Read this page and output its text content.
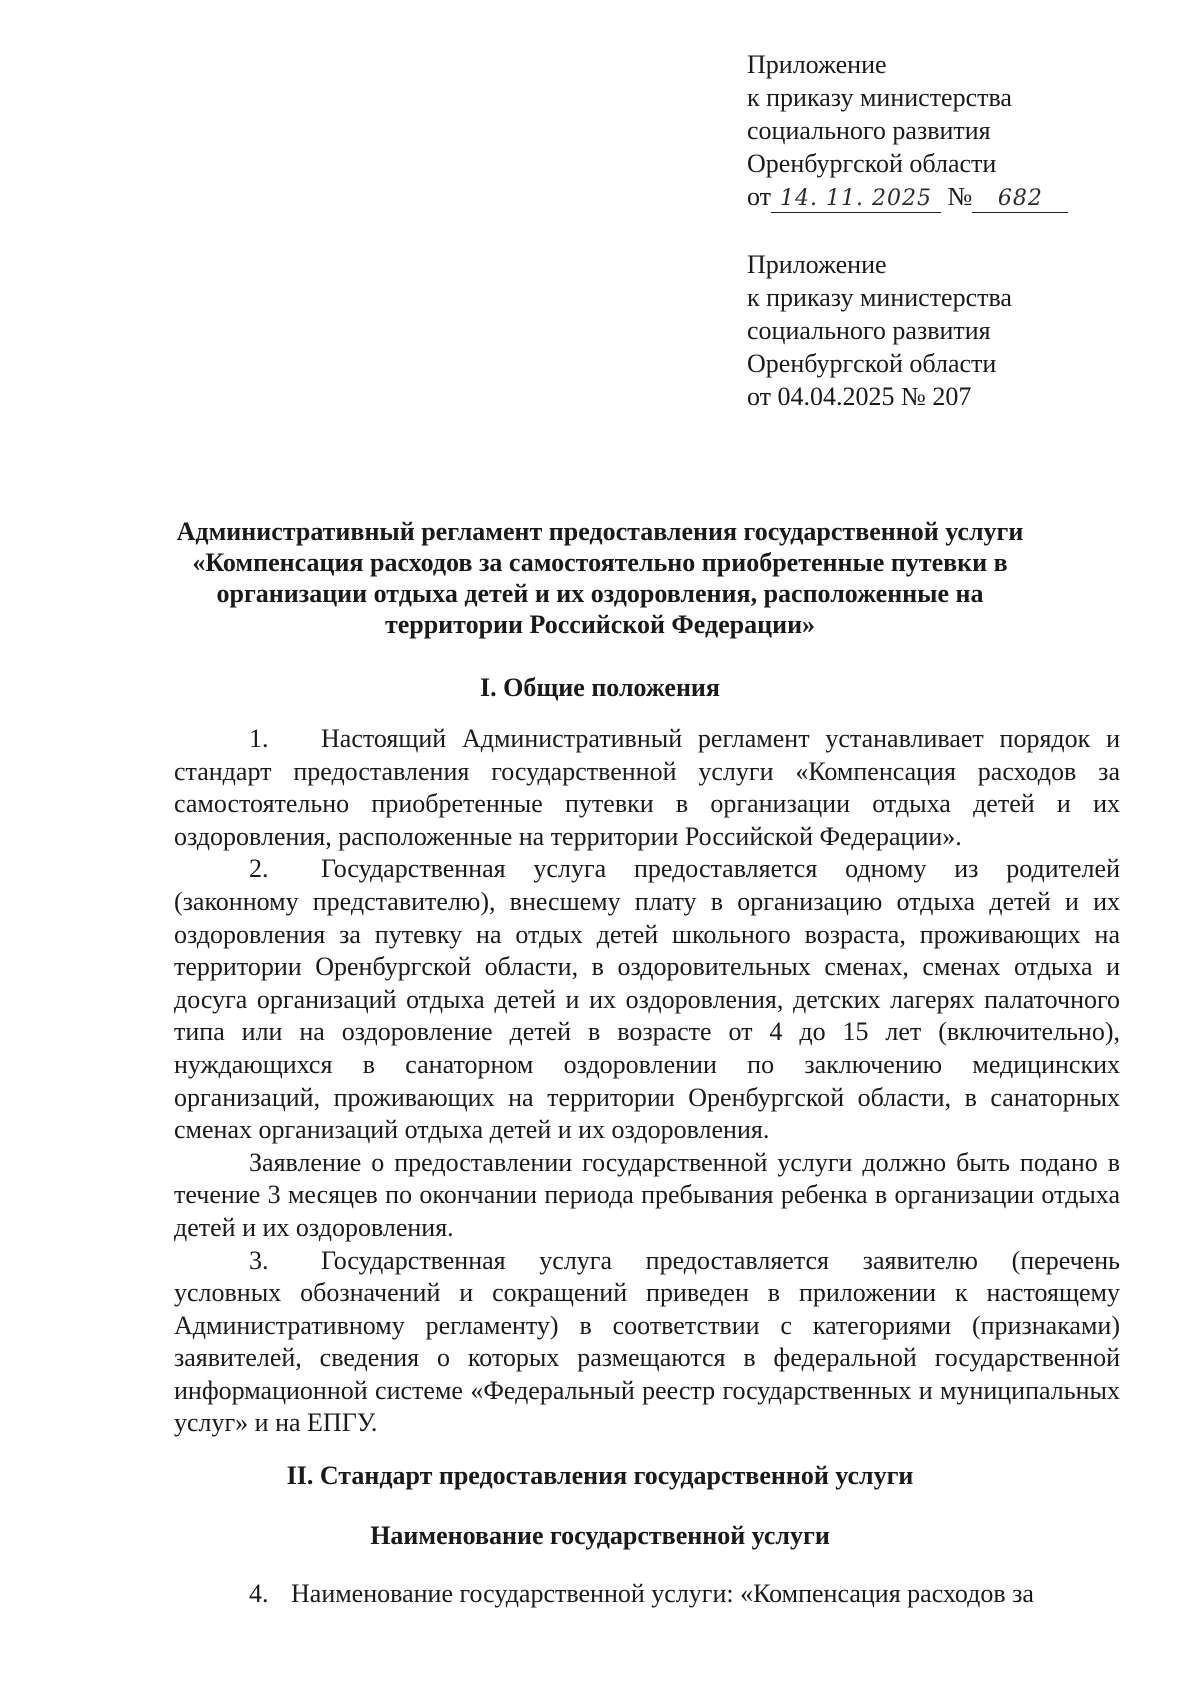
Приложение
к приказу министерства
социального развития
Оренбургской области
от 14. 11. 2025 № 682
Приложение
к приказу министерства
социального развития
Оренбургской области
от 04.04.2025 № 207
Административный регламент предоставления государственной услуги «Компенсация расходов за самостоятельно приобретенные путевки в организации отдыха детей и их оздоровления, расположенные на территории Российской Федерации»
I. Общие положения

1. Настоящий Административный регламент устанавливает порядок и стандарт предоставления государственной услуги «Компенсация расходов за самостоятельно приобретенные путевки в организации отдыха детей и их оздоровления, расположенные на территории Российской Федерации».

2. Государственная услуга предоставляется одному из родителей (законному представителю), внесшему плату в организацию отдыха детей и их оздоровления за путевку на отдых детей школьного возраста, проживающих на территории Оренбургской области, в оздоровительных сменах, сменах отдыха и досуга организаций отдыха детей и их оздоровления, детских лагерях палаточного типа или на оздоровление детей в возрасте от 4 до 15 лет (включительно), нуждающихся в санаторном оздоровлении по заключению медицинских организаций, проживающих на территории Оренбургской области, в санаторных сменах организаций отдыха детей и их оздоровления.

Заявление о предоставлении государственной услуги должно быть подано в течение 3 месяцев по окончании периода пребывания ребенка в организации отдыха детей и их оздоровления.

3. Государственная услуга предоставляется заявителю (перечень условных обозначений и сокращений приведен в приложении к настоящему Административному регламенту) в соответствии с категориями (признаками) заявителей, сведения о которых размещаются в федеральной государственной информационной системе «Федеральный реестр государственных и муниципальных услуг» и на ЕПГУ.

II. Стандарт предоставления государственной услуги
Наименование государственной услуги
4. Наименование государственной услуги: «Компенсация расходов за
